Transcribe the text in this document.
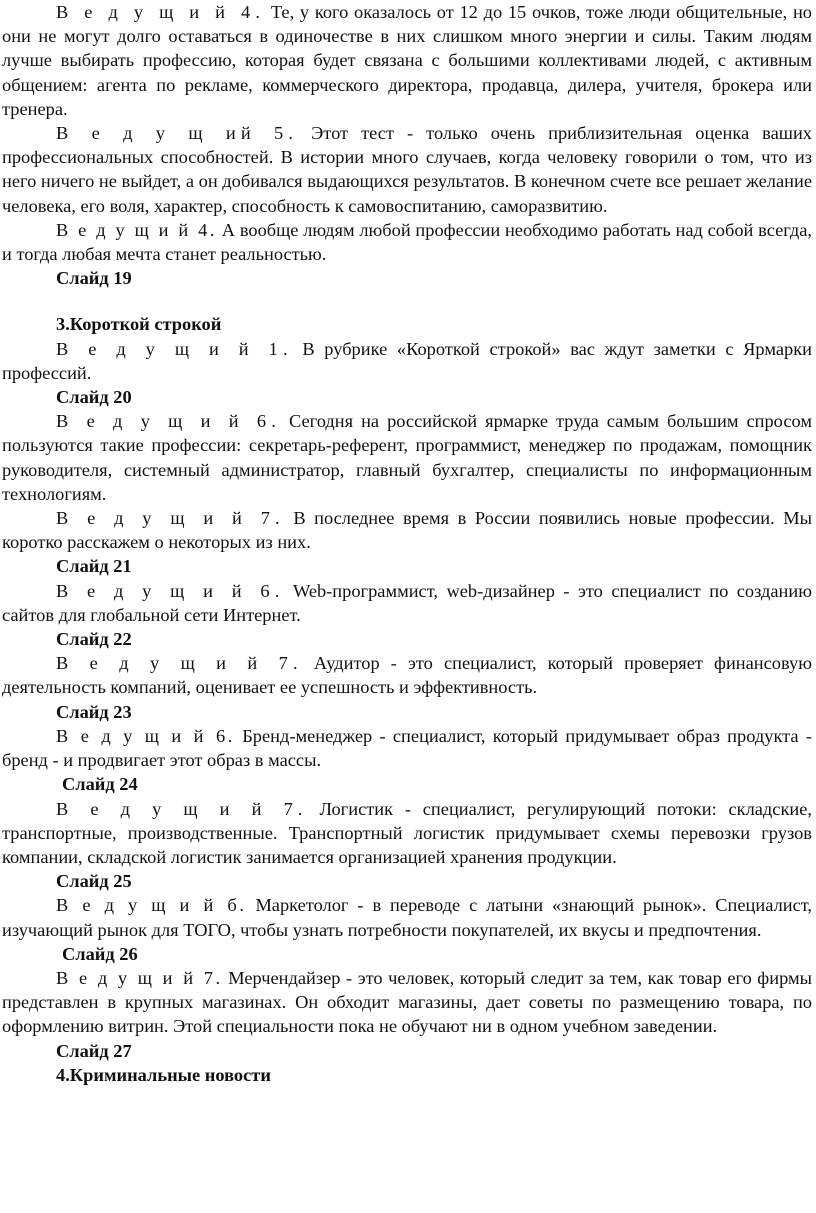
В е д у щ и й 4. Те, у кого оказалось от 12 до 15 очков, тоже люди общительные, но они не могут долго оставаться в одиночестве в них слишком много энергии и силы. Таким людям лучше выбирать профессию, которая будет связана с большими коллективами людей, с активным общением: агента по рекламе, коммерческого директора, продавца, дилера, учителя, брокера или тренера.

В е д у щ ий 5. Этот тест - только очень приблизительная оценка ваших профессиональных способностей. В истории много случаев, когда человеку говорили о том, что из него ничего не выйдет, а он добивался выдающихся результатов. В конечном счете все решает желание человека, его воля, характер, способность к самовоспитанию, саморазвитию.

В е д у щ и й 4. А вообще людям любой профессии необходимо работать над собой всегда, и тогда любая мечта станет реальностью.

Слайд 19

3.Короткой строкой

В е д у щ и й 1. В рубрике «Короткой строкой» вас ждут заметки с Ярмарки профессий.

Слайд 20

В е д у щ и й 6. Сегодня на российской ярмарке труда самым большим спросом пользуются такие профессии: секретарь-референт, программист, менеджер по продажам, помощник руководителя, системный администратор, главный бухгалтер, специалисты по информационным технологиям.

В е д у щ и й 7. В последнее время в России появились новые профессии. Мы коротко расскажем о некоторых из них.

Слайд 21

В е д у щ и й 6. Web-программист, web-дизайнер - это специалист по созданию сайтов для глобальной сети Интернет.

Слайд 22

В е д у щ и й 7. Аудитор - это специалист, который проверяет финансовую деятельность компаний, оценивает ее успешность и эффективность.

Слайд 23

В е д у щ и й 6. Бренд-менеджер - специалист, который придумывает образ продукта - бренд - и продвигает этот образ в массы.

Слайд 24

В е д у щ и й 7. Логистик - специалист, регулирующий потоки: складские, транспортные, производственные. Транспортный логистик придумывает схемы перевозки грузов компании, складской логистик занимается организацией хранения продукции.

Слайд 25

В е д у щ и й б. Маркетолог - в переводе с латыни «знающий рынок». Специалист, изучающий рынок для ТОГО, чтобы узнать потребности покупателей, их вкусы и предпочтения.

Слайд 26

В е д у щ и й 7. Мерчендайзер - это человек, который следит за тем, как товар его фирмы представлен в крупных магазинах. Он обходит магазины, дает советы по размещению товара, по оформлению витрин. Этой специальности пока не обучают ни в одном учебном заведении.

Слайд 27

4.Криминальные новости
